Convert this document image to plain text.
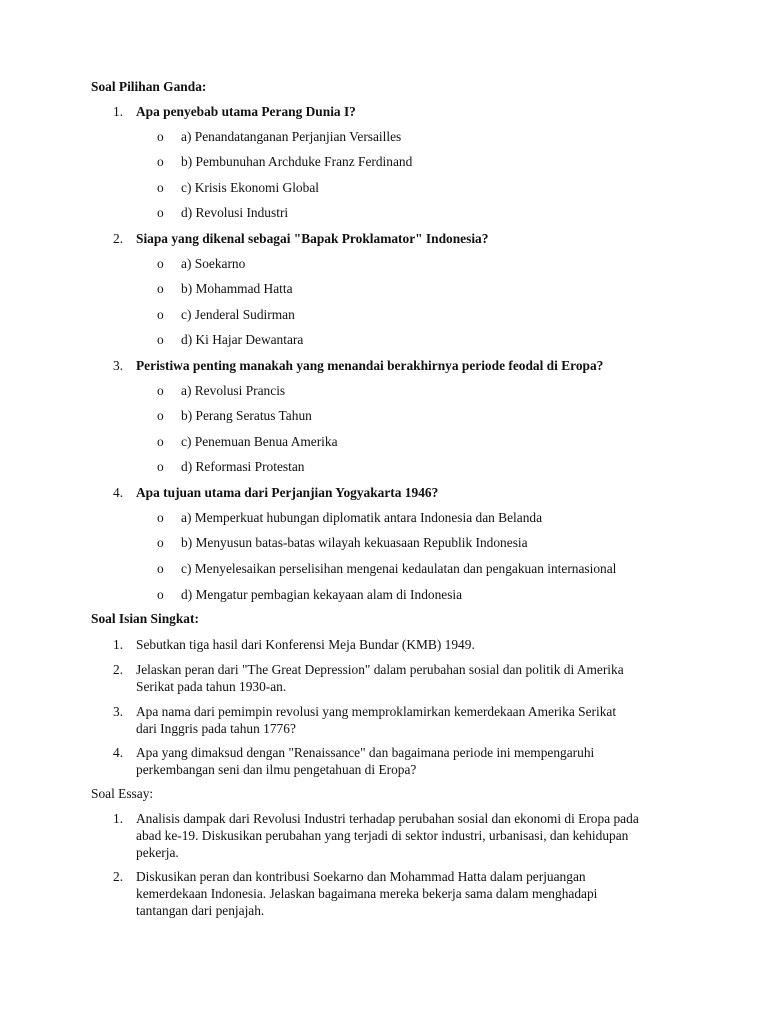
Soal Pilihan Ganda:
1. Apa penyebab utama Perang Dunia I?
o a) Penandatanganan Perjanjian Versailles
o b) Pembunuhan Archduke Franz Ferdinand
o c) Krisis Ekonomi Global
o d) Revolusi Industri
2. Siapa yang dikenal sebagai "Bapak Proklamator" Indonesia?
o a) Soekarno
o b) Mohammad Hatta
o c) Jenderal Sudirman
o d) Ki Hajar Dewantara
3. Peristiwa penting manakah yang menandai berakhirnya periode feodal di Eropa?
o a) Revolusi Prancis
o b) Perang Seratus Tahun
o c) Penemuan Benua Amerika
o d) Reformasi Protestan
4. Apa tujuan utama dari Perjanjian Yogyakarta 1946?
o a) Memperkuat hubungan diplomatik antara Indonesia dan Belanda
o b) Menyusun batas-batas wilayah kekuasaan Republik Indonesia
o c) Menyelesaikan perselisihan mengenai kedaulatan dan pengakuan internasional
o d) Mengatur pembagian kekayaan alam di Indonesia
Soal Isian Singkat:
1. Sebutkan tiga hasil dari Konferensi Meja Bundar (KMB) 1949.
2. Jelaskan peran dari "The Great Depression" dalam perubahan sosial dan politik di Amerika Serikat pada tahun 1930-an.
3. Apa nama dari pemimpin revolusi yang memproklamirkan kemerdekaan Amerika Serikat dari Inggris pada tahun 1776?
4. Apa yang dimaksud dengan "Renaissance" dan bagaimana periode ini mempengaruhi perkembangan seni dan ilmu pengetahuan di Eropa?
Soal Essay:
1. Analisis dampak dari Revolusi Industri terhadap perubahan sosial dan ekonomi di Eropa pada abad ke-19. Diskusikan perubahan yang terjadi di sektor industri, urbanisasi, dan kehidupan pekerja.
2. Diskusikan peran dan kontribusi Soekarno dan Mohammad Hatta dalam perjuangan kemerdekaan Indonesia. Jelaskan bagaimana mereka bekerja sama dalam menghadapi tantangan dari penjajah.
